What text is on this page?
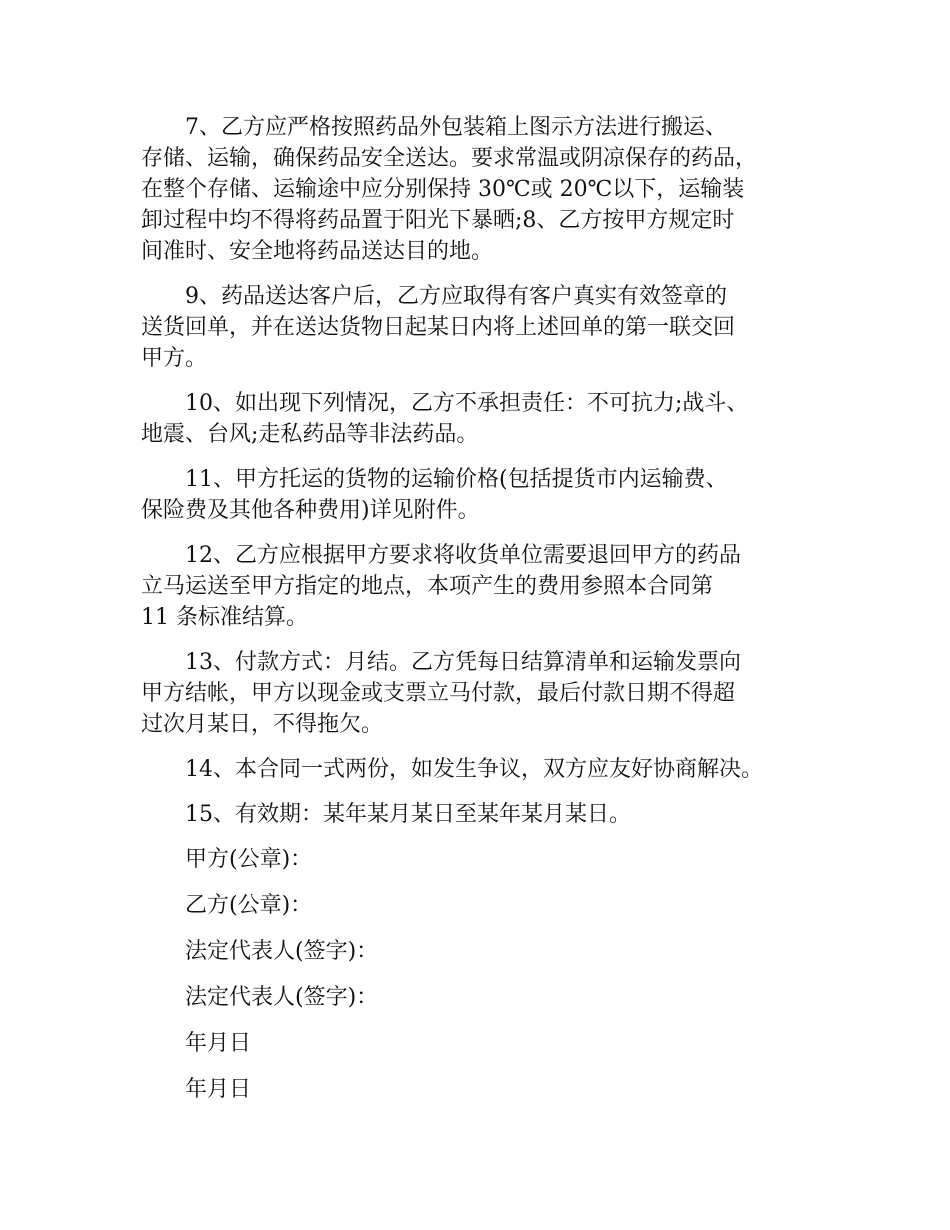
7、乙方应严格按照药品外包装箱上图示方法进行搬运、
存储、运输，确保药品安全送达。要求常温或阴凉保存的药品，
在整个存储、运输途中应分别保持 30℃或 20℃以下，运输装
卸过程中均不得将药品置于阳光下暴晒;8、乙方按甲方规定时
间准时、安全地将药品送达目的地。

9、药品送达客户后，乙方应取得有客户真实有效签章的
送货回单，并在送达货物日起某日内将上述回单的第一联交回
甲方。

10、如出现下列情况，乙方不承担责任：不可抗力;战斗、
地震、台风;走私药品等非法药品。

11、甲方托运的货物的运输价格(包括提货市内运输费、
保险费及其他各种费用)详见附件。

12、乙方应根据甲方要求将收货单位需要退回甲方的药品
立马运送至甲方指定的地点，本项产生的费用参照本合同第
11 条标准结算。

13、付款方式：月结。乙方凭每日结算清单和运输发票向
甲方结帐，甲方以现金或支票立马付款，最后付款日期不得超
过次月某日，不得拖欠。

14、本合同一式两份，如发生争议，双方应友好协商解决。

15、有效期：某年某月某日至某年某月某日。

甲方(公章)：

乙方(公章)：

法定代表人(签字)：

法定代表人(签字)：

年月日

年月日
